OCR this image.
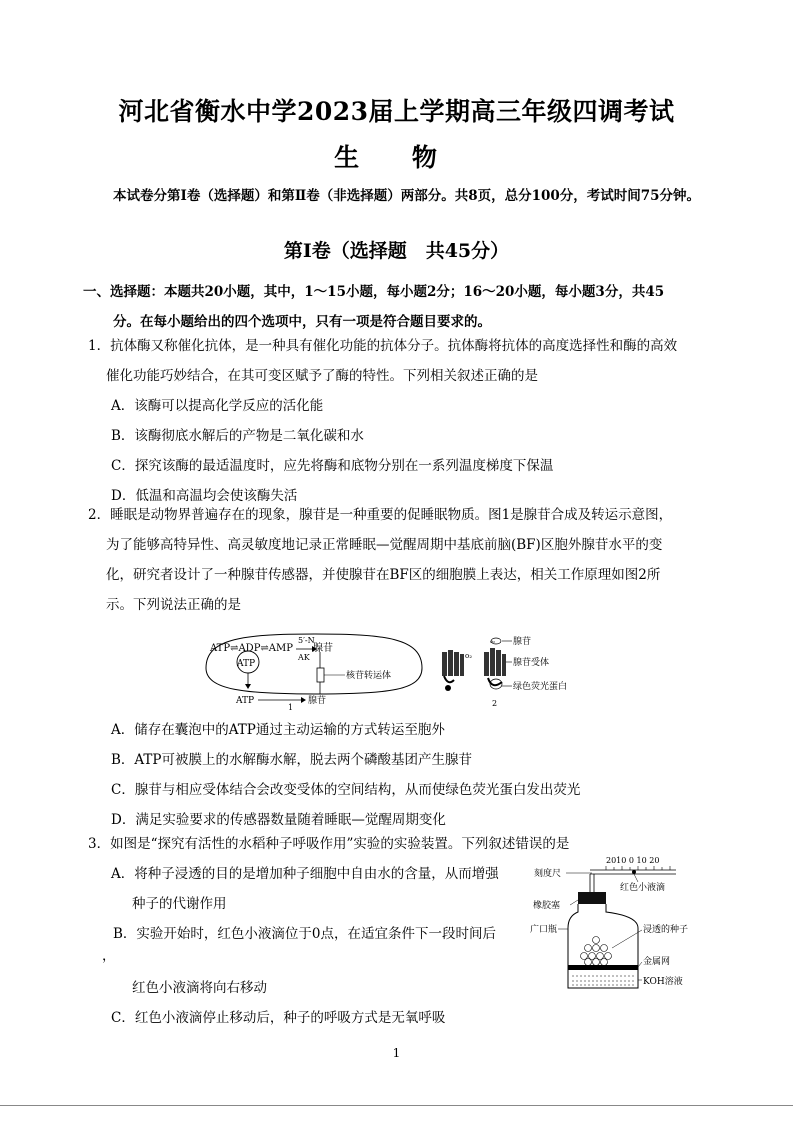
河北省衡水中学2023届上学期高三年级四调考试
生 物
本试卷分第Ⅰ卷（选择题）和第Ⅱ卷（非选择题）两部分。共8页，总分100分，考试时间75分钟。
第Ⅰ卷（选择题　共45分）
一、选择题：本题共20小题，其中，1～15小题，每小题2分；16～20小题，每小题3分，共45
分。在每小题给出的四个选项中，只有一项是符合题目要求的。
1．抗体酶又称催化抗体，是一种具有催化功能的抗体分子。抗体酶将抗体的高度选择性和酶的高效
催化功能巧妙结合，在其可变区赋予了酶的特性。下列相关叙述正确的是
A．该酶可以提高化学反应的活化能
B．该酶彻底水解后的产物是二氧化碳和水
C．探究该酶的最适温度时，应先将酶和底物分别在一系列温度梯度下保温
D．低温和高温均会使该酶失活
2．睡眠是动物界普遍存在的现象，腺苷是一种重要的促睡眠物质。图1是腺苷合成及转运示意图，
为了能够高特异性、高灵敏度地记录正常睡眠—觉醒周期中基底前脑(BF)区胞外腺苷水平的变
化，研究者设计了一种腺苷传感器，并使腺苷在BF区的细胞膜上表达，相关工作原理如图2所
示。下列说法正确的是
ATP⇌ADP⇌AMP
5′-N
AK
腺苷
ATP
核苷转运体
ATP	腺苷
1
o₂
o₂ 腺苷
腺苷受体
绿色荧光蛋白
2
A．储存在囊泡中的ATP通过主动运输的方式转运至胞外
B．ATP可被膜上的水解酶水解，脱去两个磷酸基团产生腺苷
C．腺苷与相应受体结合会改变受体的空间结构，从而使绿色荧光蛋白发出荧光
D．满足实验要求的传感器数量随着睡眠—觉醒周期变化
3．如图是“探究有活性的水稻种子呼吸作用”实验的实验装置。下列叙述错误的是
A．将种子浸透的目的是增加种子细胞中自由水的含量，从而增强
种子的代谢作用
B．实验开始时，红色小液滴位于0点，在适宜条件下一段时间后
，
红色小液滴将向右移动
C．红色小液滴停止移动后，种子的呼吸方式是无氧呼吸
2010 0 10 20
刻度尺
红色小液滴
橡胶塞
广口瓶	浸透的种子
金属网
KOH溶液
1
